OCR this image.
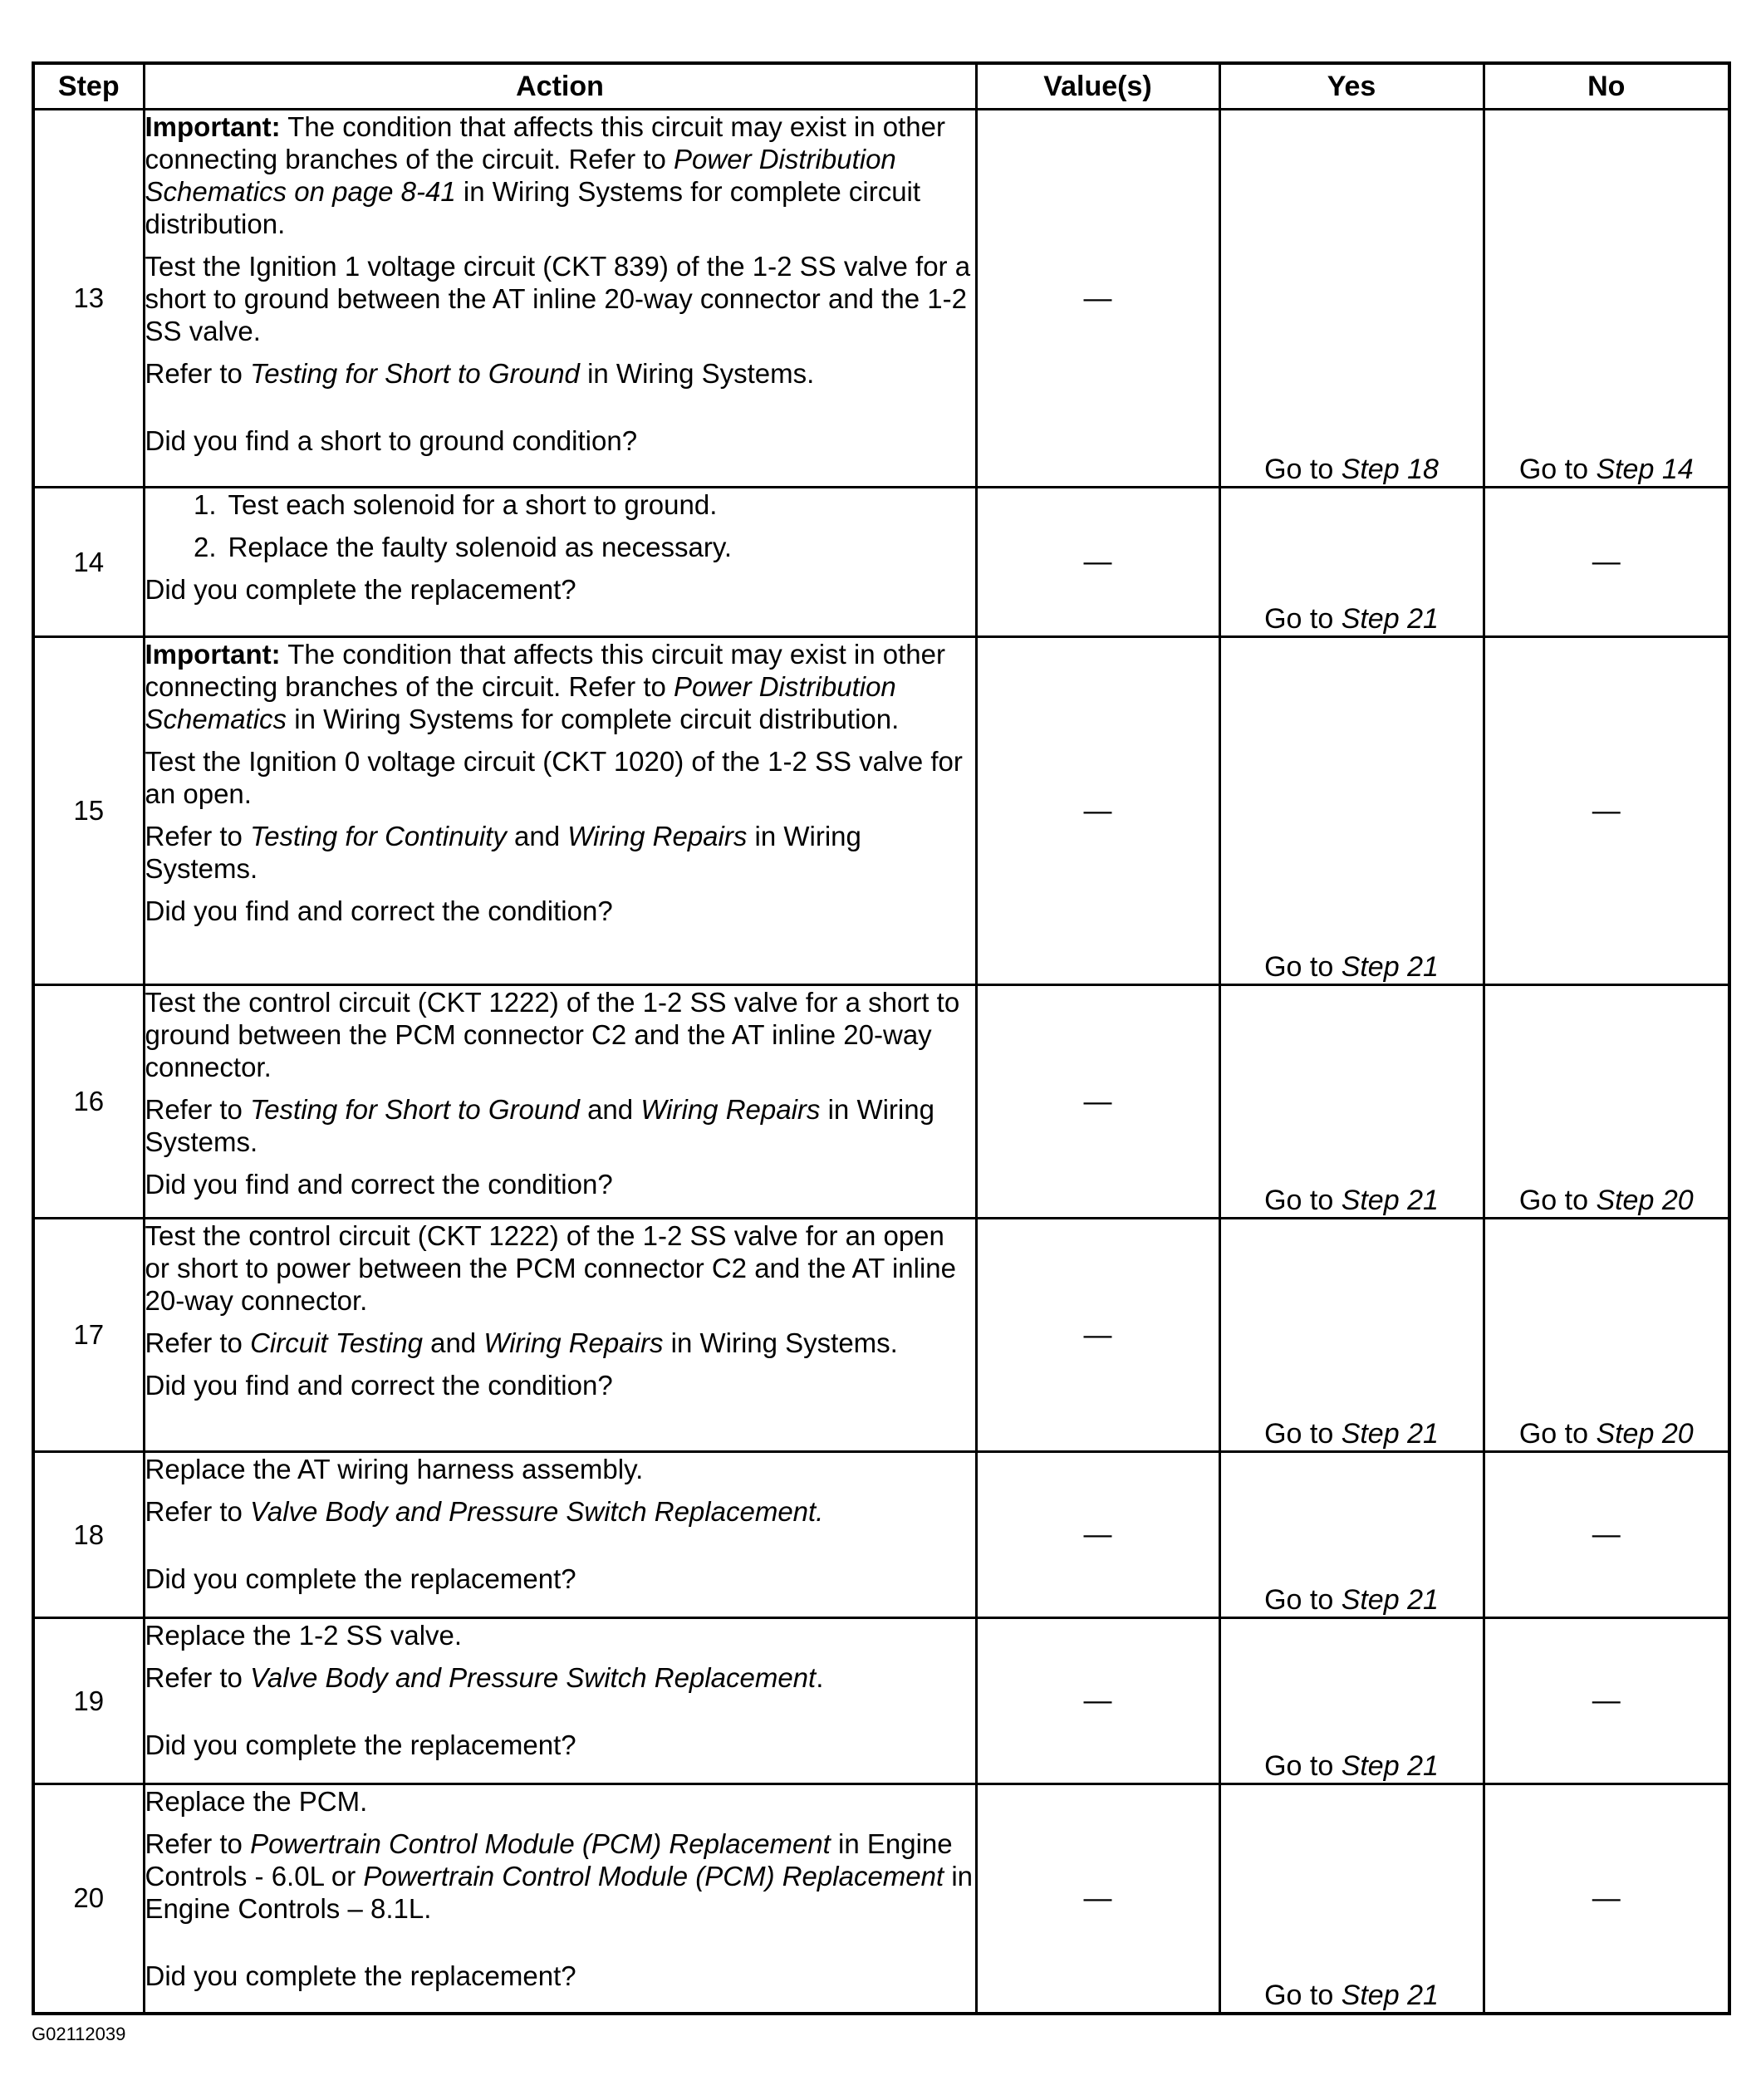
Step	Action	Value(s)	Yes	No
13	Important: The condition that affects this circuit may exist in other connecting branches of the circuit. Refer to Power Distribution Schematics on page 8-41 in Wiring Systems for complete circuit distribution.

Test the Ignition 1 voltage circuit (CKT 839) of the 1-2 SS valve for a short to ground between the AT inline 20-way connector and the 1-2 SS valve.

Refer to Testing for Short to Ground in Wiring Systems.

Did you find a short to ground condition?	—	Go to Step 18	Go to Step 14
14	1. Test each solenoid for a short to ground.

2. Replace the faulty solenoid as necessary.

Did you complete the replacement?	—	Go to Step 21	—
15	Important: The condition that affects this circuit may exist in other connecting branches of the circuit. Refer to Power Distribution Schematics in Wiring Systems for complete circuit distribution.

Test the Ignition 0 voltage circuit (CKT 1020) of the 1-2 SS valve for an open.

Refer to Testing for Continuity and Wiring Repairs in Wiring Systems.

Did you find and correct the condition?	—	Go to Step 21	—
16	Test the control circuit (CKT 1222) of the 1-2 SS valve for a short to ground between the PCM connector C2 and the AT inline 20-way connector.

Refer to Testing for Short to Ground and Wiring Repairs in Wiring Systems.

Did you find and correct the condition?	—	Go to Step 21	Go to Step 20
17	Test the control circuit (CKT 1222) of the 1-2 SS valve for an open or short to power between the PCM connector C2 and the AT inline 20-way connector.

Refer to Circuit Testing and Wiring Repairs in Wiring Systems.

Did you find and correct the condition?	—	Go to Step 21	Go to Step 20
18	Replace the AT wiring harness assembly.

Refer to Valve Body and Pressure Switch Replacement.

Did you complete the replacement?	—	Go to Step 21	—
19	Replace the 1-2 SS valve.

Refer to Valve Body and Pressure Switch Replacement.

Did you complete the replacement?	—	Go to Step 21	—
20	Replace the PCM.

Refer to Powertrain Control Module (PCM) Replacement in Engine Controls - 6.0L or Powertrain Control Module (PCM) Replacement in Engine Controls – 8.1L.

Did you complete the replacement?	—	Go to Step 21	—
G02112039
